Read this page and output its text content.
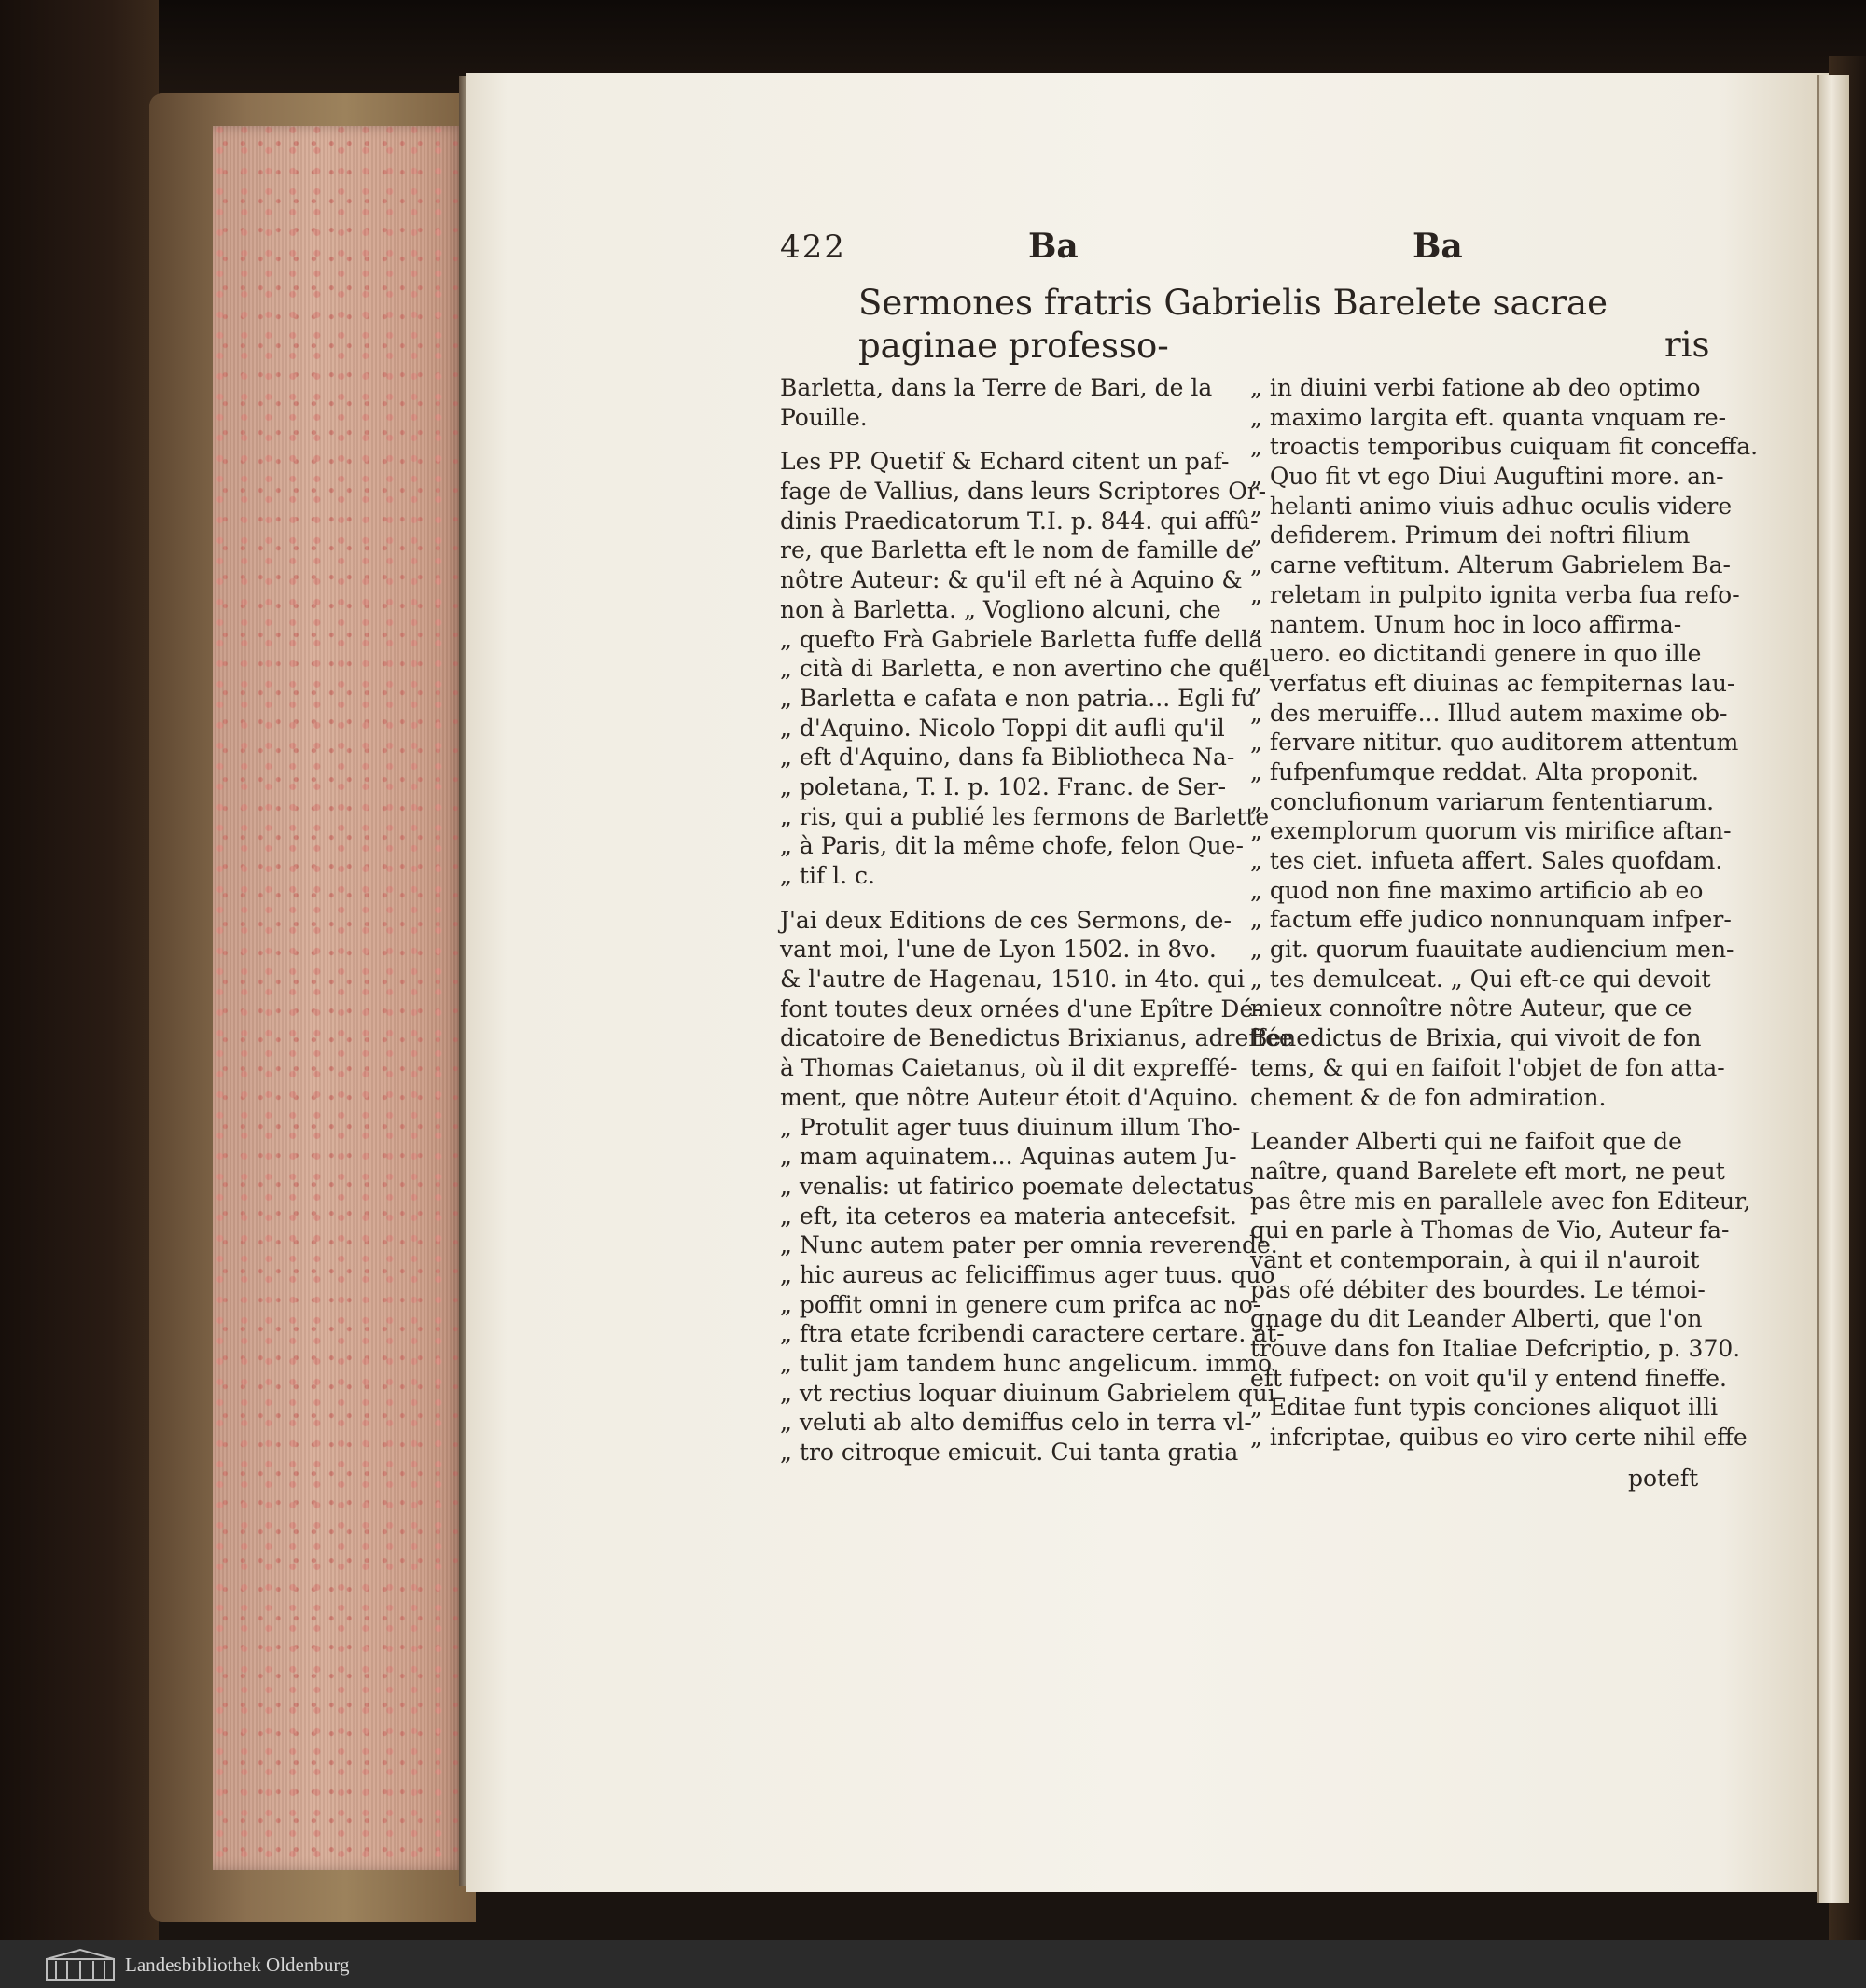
422	Ba	Ba
Sermones fratris Gabrielis Barelete sacrae paginae professo-	ris
Barletta, dans la Terre de Bari, de la
Pouille.
Les PP. Quetif & Echard citent un paf-
fage de Vallius, dans leurs Scriptores Or-
dinis Praedicatorum T.I. p. 844. qui affû-
re, que Barletta eft le nom de famille de
nôtre Auteur: & qu'il eft né à Aquino &
non à Barletta. „ Vogliono alcuni, che
„ quefto Frà Gabriele Barletta fuffe della
„ cità di Barletta, e non avertino che quel
„ Barletta e cafata e non patria... Egli fu
„ d'Aquino. Nicolo Toppi dit aufli qu'il
„ eft d'Aquino, dans fa Bibliotheca Na-
„ poletana, T. I. p. 102. Franc. de Ser-
„ ris, qui a publié les fermons de Barlette
„ à Paris, dit la même chofe, felon Que-
„ tif l. c.
J'ai deux Editions de ces Sermons, de-
vant moi, l'une de Lyon 1502. in 8vo.
& l'autre de Hagenau, 1510. in 4to. qui
font toutes deux ornées d'une Epître Dé-
dicatoire de Benedictus Brixianus, adreffée
à Thomas Caietanus, où il dit expreffé-
ment, que nôtre Auteur étoit d'Aquino.
„ Protulit ager tuus diuinum illum Tho-
„ mam aquinatem... Aquinas autem Ju-
„ venalis: ut fatirico poemate delectatus
„ eft, ita ceteros ea materia antecefsit.
„ Nunc autem pater per omnia reverende.
„ hic aureus ac feliciffimus ager tuus. quo
„ poffit omni in genere cum prifca ac no-
„ ftra etate fcribendi caractere certare. at-
„ tulit jam tandem hunc angelicum. immo
„ vt rectius loquar diuinum Gabrielem qui
„ veluti ab alto demiffus celo in terra vl-
„ tro citroque emicuit. Cui tanta gratia
„ in diuini verbi fatione ab deo optimo
„ maximo largita eft. quanta vnquam re-
„ troactis temporibus cuiquam fit conceffa.
„ Quo fit vt ego Diui Auguftini more. an-
„ helanti animo viuis adhuc oculis videre
„ defiderem. Primum dei noftri filium
„ carne veftitum. Alterum Gabrielem Ba-
„ reletam in pulpito ignita verba fua refo-
„ nantem. Unum hoc in loco affirma-
„ uero. eo dictitandi genere in quo ille
„ verfatus eft diuinas ac fempiternas lau-
„ des meruiffe... Illud autem maxime ob-
„ fervare nititur. quo auditorem attentum
„ fufpenfumque reddat. Alta proponit.
„ conclufionum variarum fententiarum.
„ exemplorum quorum vis mirifice aftan-
„ tes ciet. infueta affert. Sales quofdam.
„ quod non fine maximo artificio ab eo
„ factum effe judico nonnunquam infper-
„ git. quorum fuauitate audiencium men-
„ tes demulceat. „ Qui eft-ce qui devoit
mieux connoître nôtre Auteur, que ce
Benedictus de Brixia, qui vivoit de fon
tems, & qui en faifoit l'objet de fon atta-
chement & de fon admiration.
Leander Alberti qui ne faifoit que de
naître, quand Barelete eft mort, ne peut
pas être mis en parallele avec fon Editeur,
qui en parle à Thomas de Vio, Auteur fa-
vant et contemporain, à qui il n'auroit
pas ofé débiter des bourdes. Le témoi-
gnage du dit Leander Alberti, que l'on
trouve dans fon Italiae Defcriptio, p. 370.
eft fufpect: on voit qu'il y entend fineffe.
„ Editae funt typis conciones aliquot illi
„ infcriptae, quibus eo viro certe nihil effe
poteft
Landesbibliothek Oldenburg
